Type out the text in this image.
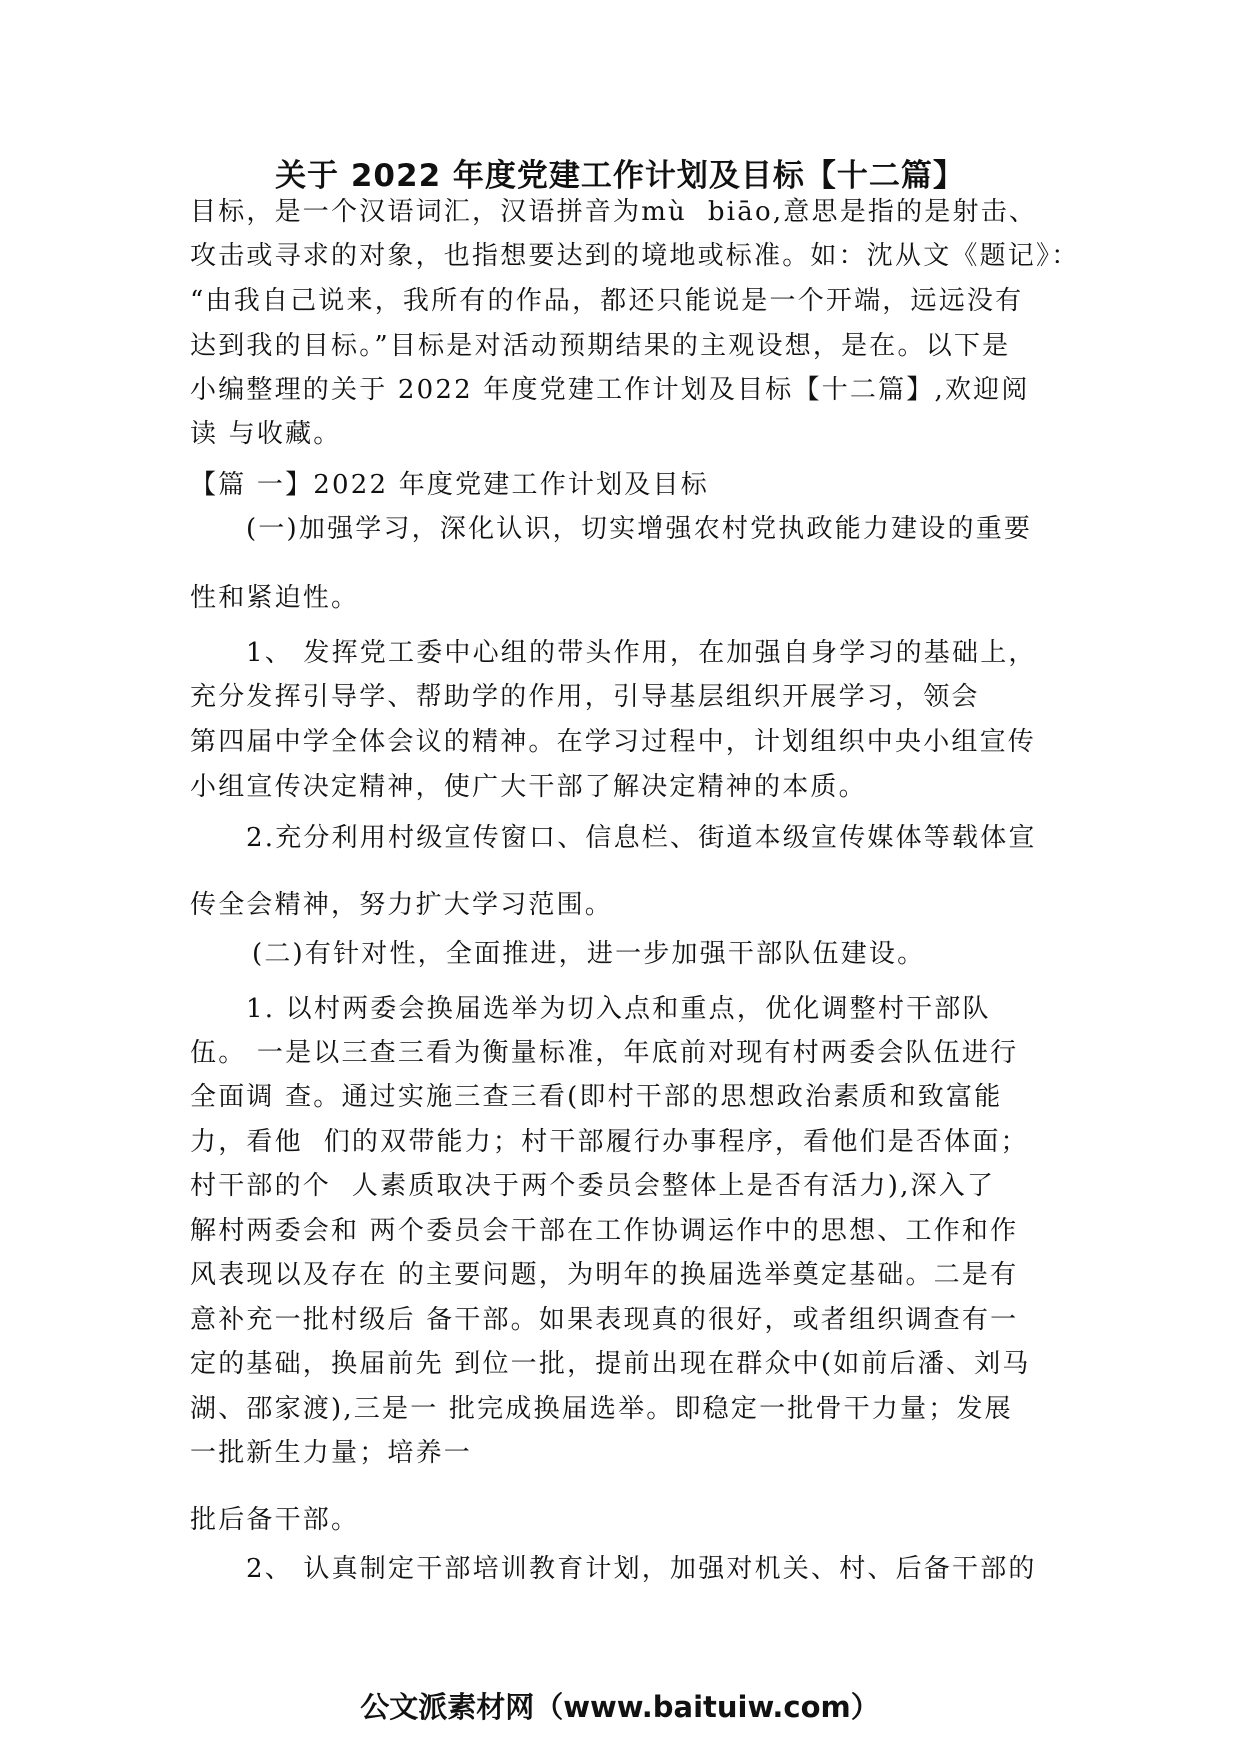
关于 2022 年度党建工作计划及目标【十二篇】
目标，是一个汉语词汇，汉语拼音为mù  biāo,意思是指的是射击、
攻击或寻求的对象，也指想要达到的境地或标准。如：沈从文《题记》：
“由我自己说来，我所有的作品，都还只能说是一个开端，远远没有
达到我的目标。”目标是对活动预期结果的主观设想，是在。以下是
小编整理的关于 2022 年度党建工作计划及目标【十二篇】,欢迎阅
读 与收藏。
【篇 一】2022 年度党建工作计划及目标
(一)加强学习，深化认识，切实增强农村党执政能力建设的重要
性和紧迫性。
1、 发挥党工委中心组的带头作用，在加强自身学习的基础上，
充分发挥引导学、帮助学的作用，引导基层组织开展学习，领会
第四届中学全体会议的精神。在学习过程中，计划组织中央小组宣传
小组宣传决定精神，使广大干部了解决定精神的本质。
2.充分利用村级宣传窗口、信息栏、街道本级宣传媒体等载体宣
传全会精神，努力扩大学习范围。
(二)有针对性，全面推进，进一步加强干部队伍建设。
1. 以村两委会换届选举为切入点和重点，优化调整村干部队
伍。 一是以三查三看为衡量标准，年底前对现有村两委会队伍进行
全面调 查。通过实施三查三看(即村干部的思想政治素质和致富能
力，看他  们的双带能力；村干部履行办事程序，看他们是否体面；
村干部的个  人素质取决于两个委员会整体上是否有活力),深入了
解村两委会和 两个委员会干部在工作协调运作中的思想、工作和作
风表现以及存在 的主要问题，为明年的换届选举奠定基础。二是有
意补充一批村级后 备干部。如果表现真的很好，或者组织调查有一
定的基础，换届前先 到位一批，提前出现在群众中(如前后潘、刘马
湖、邵家渡),三是一 批完成换届选举。即稳定一批骨干力量；发展
一批新生力量；培养一
批后备干部。
2、 认真制定干部培训教育计划，加强对机关、村、后备干部的
公文派素材网（www.baituiw.com）
